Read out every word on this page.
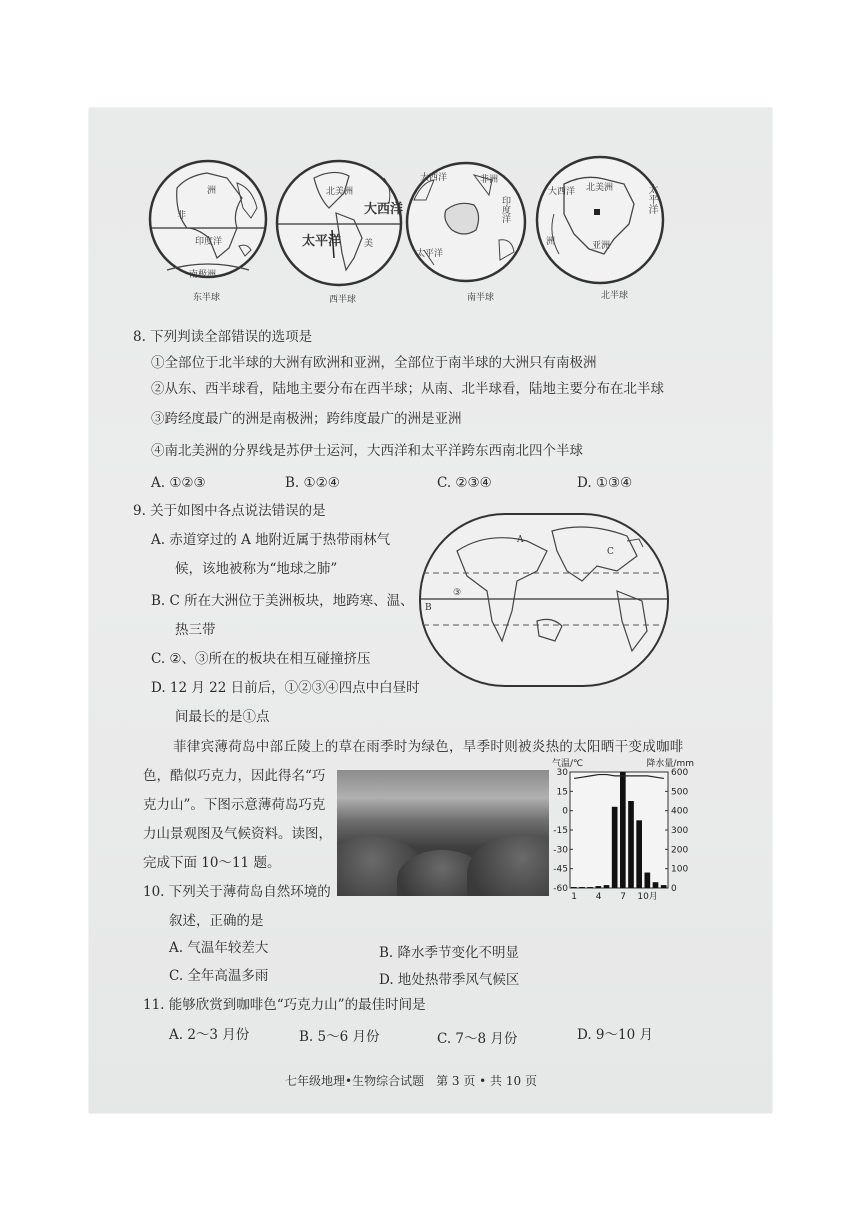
洲
非
印度洋
南极洲
东半球
北美洲
大西洋
太平洋	美
西半球
大西洋	非洲
印度洋
太平洋
南半球
大西洋 北美洲	太平洋
亚洲
洲
北半球
8. 下列判读全部错误的选项是
①全部位于北半球的大洲有欧洲和亚洲，全部位于南半球的大洲只有南极洲
②从东、西半球看，陆地主要分布在西半球；从南、北半球看，陆地主要分布在北半球
③跨经度最广的洲是南极洲；跨纬度最广的洲是亚洲
④南北美洲的分界线是苏伊士运河，大西洋和太平洋跨东西南北四个半球
A. ①②③	B. ①②④	C. ②③④	D. ①③④
9. 关于如图中各点说法错误的是
A. 赤道穿过的 A 地附近属于热带雨林气
候，该地被称为“地球之肺”
B. C 所在大洲位于美洲板块，地跨寒、温、
热三带
C. ②、③所在的板块在相互碰撞挤压
D. 12 月 22 日前后，①②③④四点中白昼时
间最长的是①点
A
B
C
③
菲律宾薄荷岛中部丘陵上的草在雨季时为绿色，旱季时则被炎热的太阳晒干变成咖啡
色，酷似巧克力，因此得名“巧
克力山”。下图示意薄荷岛巧克
力山景观图及气候资料。读图，
完成下面 10～11 题。
气温/℃	降水量/mm
30
15
0
-15
-30
-45
-60
600
500
400
300
200
100
0
1 4 7 10月
10. 下列关于薄荷岛自然环境的
叙述，正确的是
A. 气温年较差大	B. 降水季节变化不明显
C. 全年高温多雨	D. 地处热带季风气候区
11. 能够欣赏到咖啡色“巧克力山”的最佳时间是
A. 2～3 月份	B. 5～6 月份	C. 7～8 月份	D. 9～10 月
七年级地理•生物综合试题　第 3 页 • 共 10 页
